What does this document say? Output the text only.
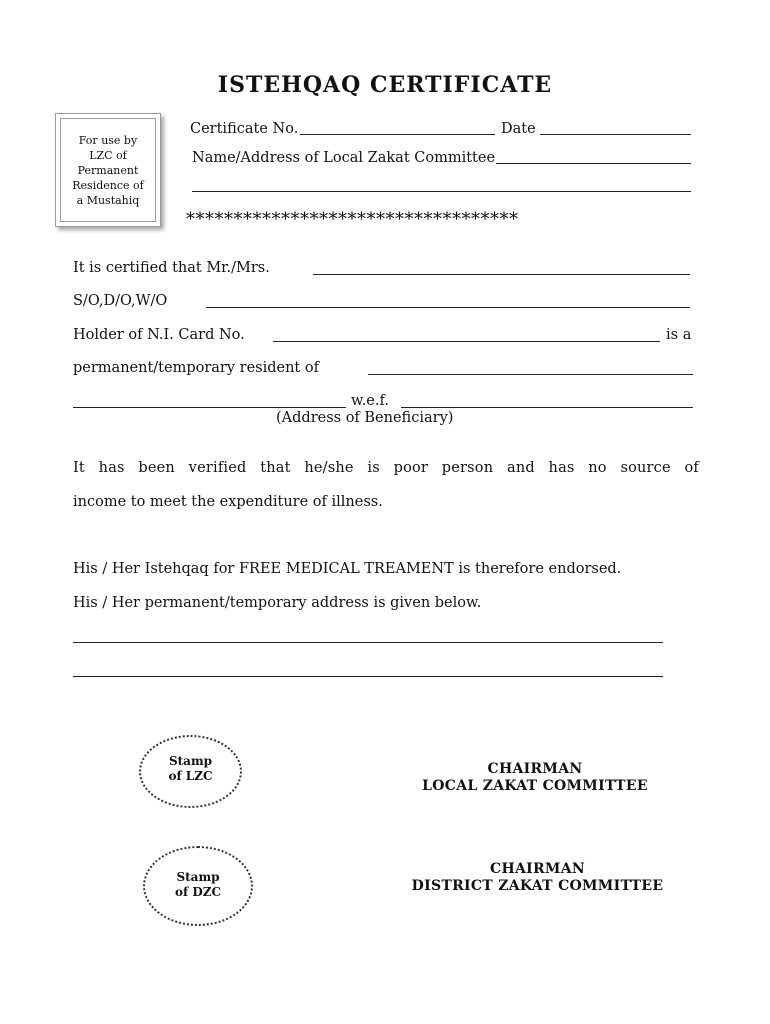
ISTEHQAQ CERTIFICATE
For use by
LZC of
Permanent
Residence of
a Mustahiq
Certificate No.	Date
Name/Address of Local Zakat Committee
***********************************
It is certified that Mr./Mrs.
S/O,D/O,W/O
Holder of N.I. Card No.	is a
permanent/temporary resident of
w.e.f.
(Address of Beneficiary)
It has been verified that he/she is poor person and has no source of
income to meet the expenditure of illness.
His / Her Istehqaq for FREE MEDICAL TREAMENT is therefore endorsed.
His / Her permanent/temporary address is given below.
Stamp
of LZC
Stamp
of DZC
CHAIRMAN
LOCAL ZAKAT COMMITTEE
CHAIRMAN
DISTRICT ZAKAT COMMITTEE
